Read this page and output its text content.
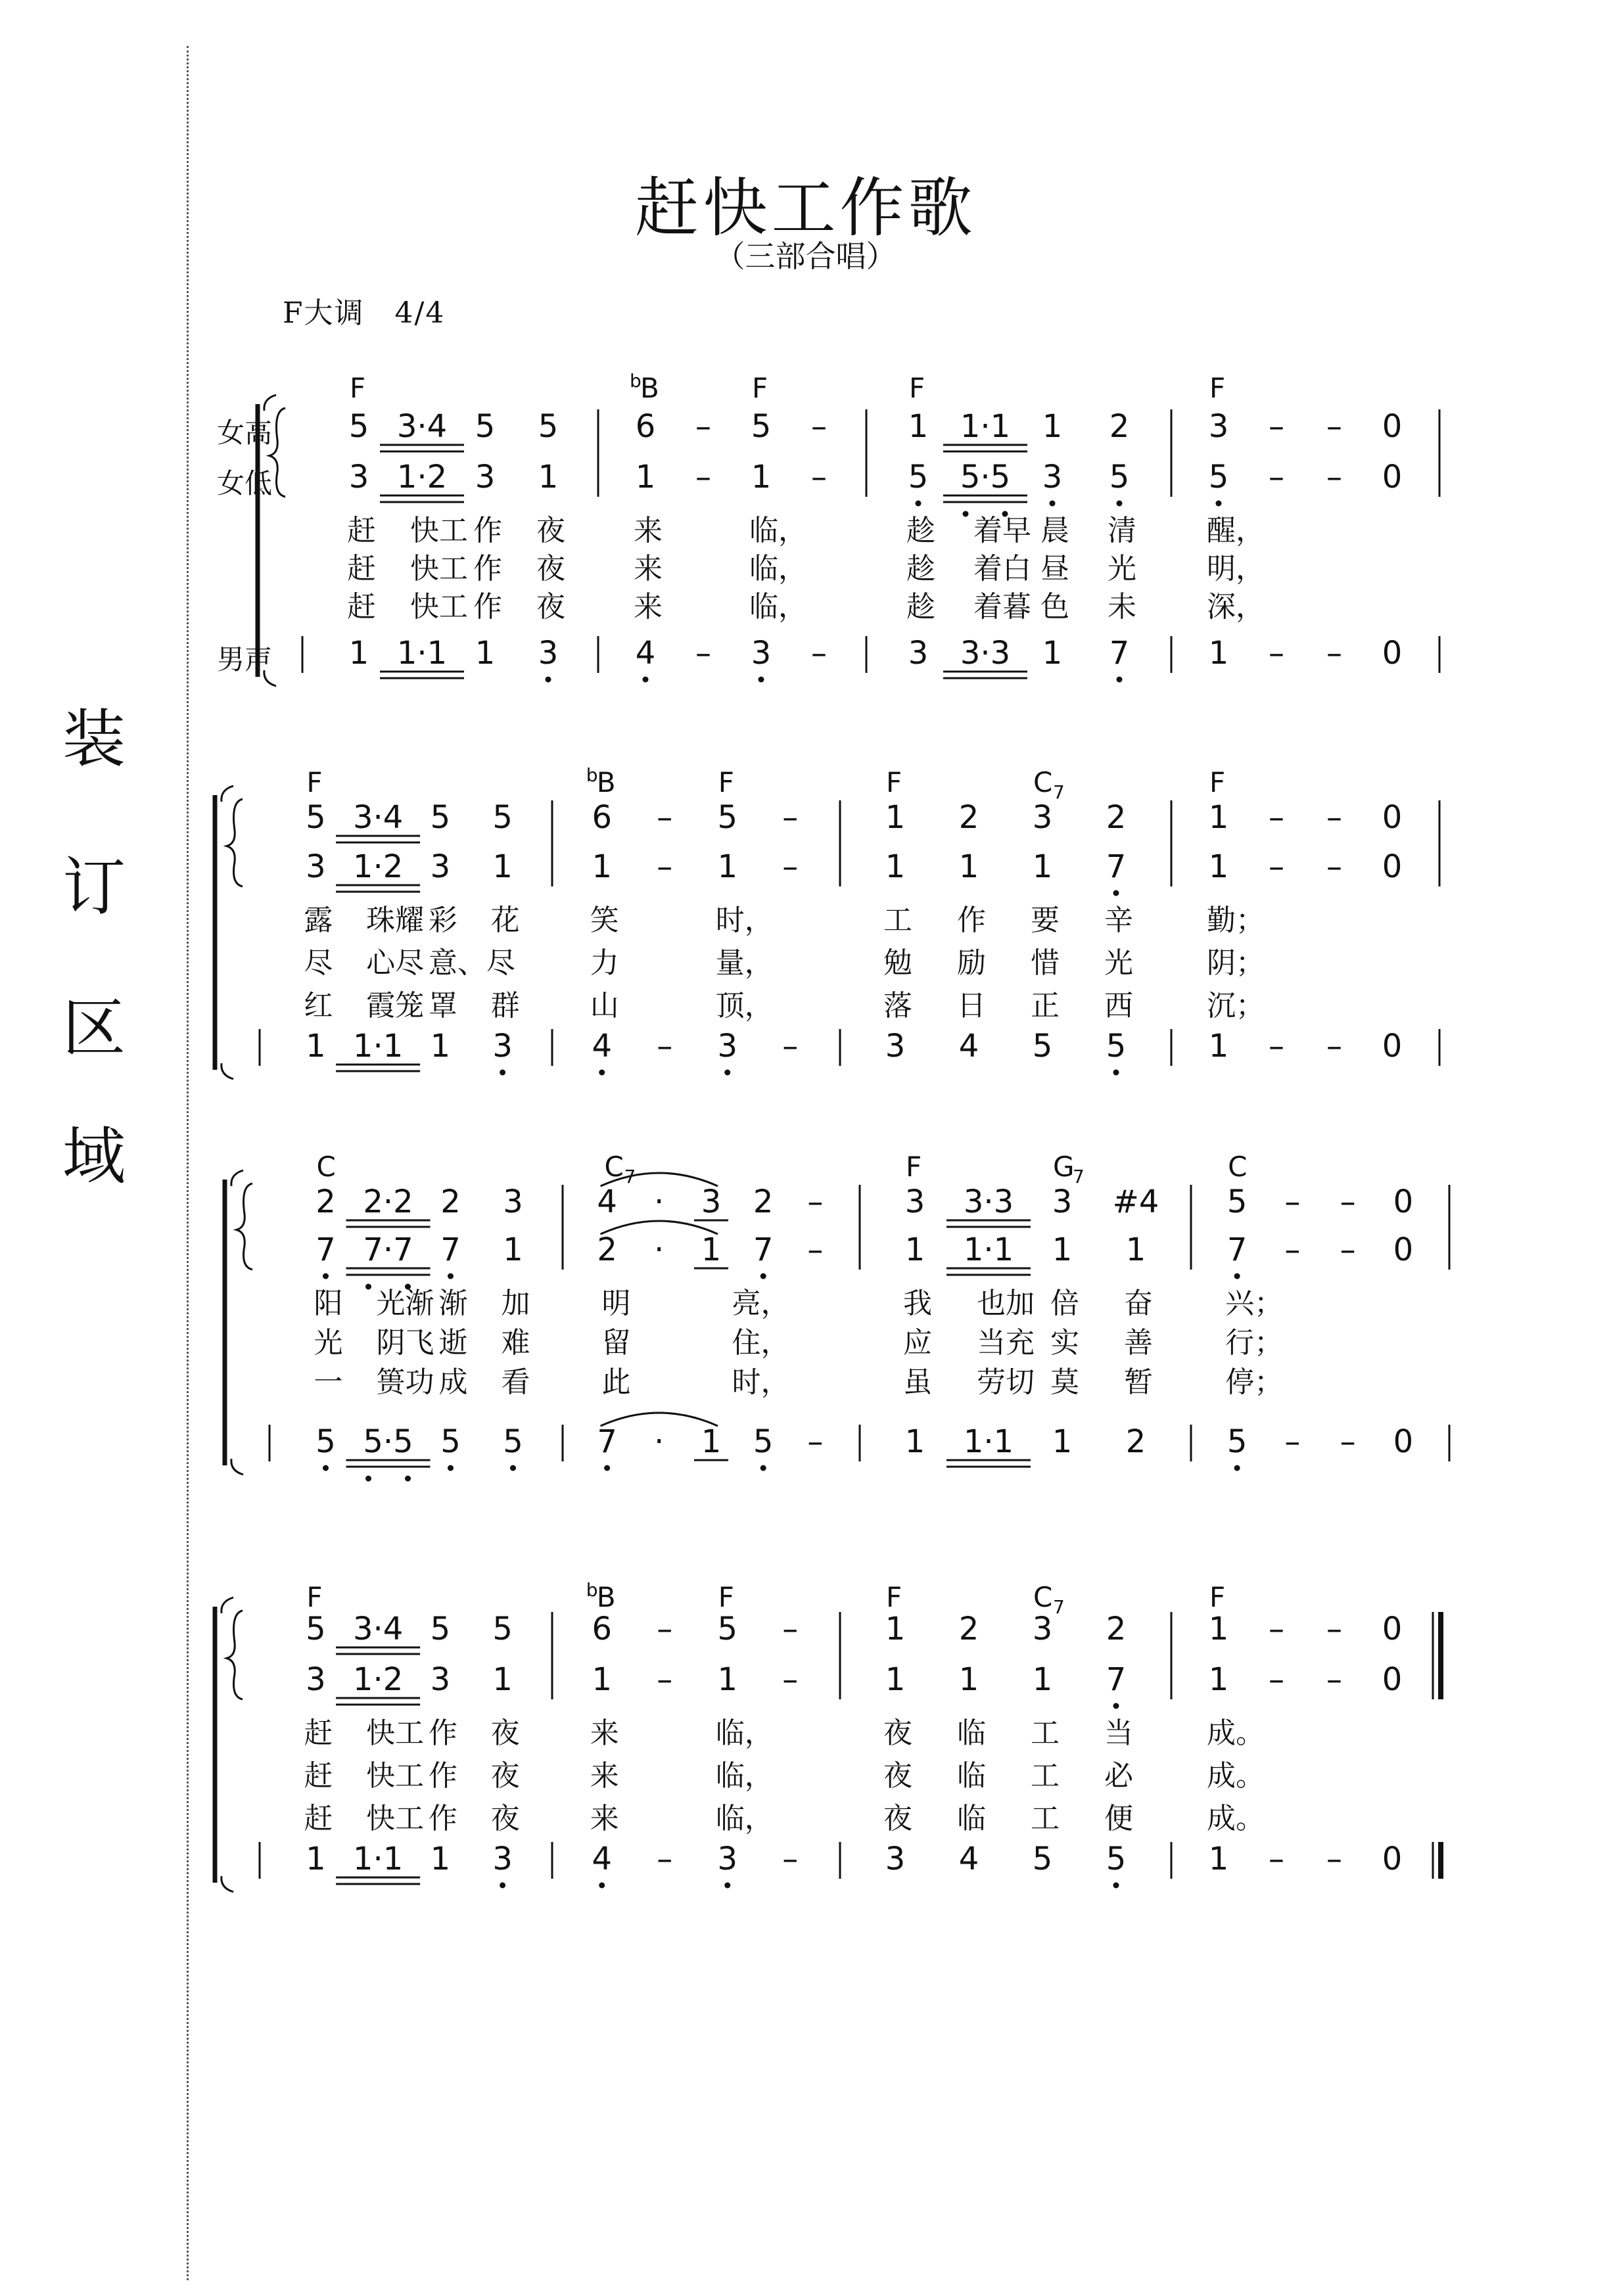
装
订
区
域
赶快工作歌
（三部合唱）
F大调　4/4
女高
女低
男声
F	b
B	F	F	F
5 3·4 5 5 6 – 5 –	1 1·1 1 2	3 – – 0
3 1·2 3 1 1 – 1 –	5 5·5 3 5	5 – – 0
1 1·1 1 3 4 – 3 –	3 3·3 1 7	1 – – 0
赶 快工 作 夜 来	临，	趁 着早 晨 清 醒，
赶 快工 作 夜 来	临，	趁 着白 昼 光 明，
赶 快工 作 夜 来	临，	趁 着暮 色 未 深，
F	b
B	F	F	C 7	F
5 3·4 5 5	6 – 5 –	1 2 3 2	1 – – 0
3 1·2 3 1	1 – 1 –	1 1 1 7	1 – – 0
1 1·1 1 3	4 – 3 –	3 4 5 5	1 – – 0
露 珠耀 彩 花 笑	时，	工 作 要 辛	勤；
尽 心尽 意、尽	力	量，	勉 励 惜 光	阴；
红 霞笼 罩 群 山	顶，	落 日 正 西	沉；
C	C 7	F	G
7	C
2 2·2 2 3 4 · 3 2 –	3 3·3 3 #4 5 – – 0
7 7·7 7 1 2 · 1 7 –	1 1·1 1 1	7 – – 0
5 5·5 5 5 7 · 1 5 –	1 1·1 1 2	5 – – 0
阳 光渐 渐 加 明	亮，	我 也加 倍 奋	兴；
光 阴飞 逝 难 留	住，	应 当充 实 善	行；
一 篑功 成 看 此	时，	虽 劳切 莫 暂	停；
F	b
B	F	F	C 7	F
5 3·4 5 5	6 – 5 –	1 2 3 2	1 – – 0
3 1·2 3 1	1 – 1 –	1 1 1 7	1 – – 0
1 1·1 1 3	4 – 3 –	3 4 5 5	1 – – 0
赶 快工 作 夜 来	临，	夜 临 工 当	成。
赶 快工 作 夜 来	临，	夜 临 工 必	成。
赶 快工 作 夜 来	临，	夜 临 工 便	成。
